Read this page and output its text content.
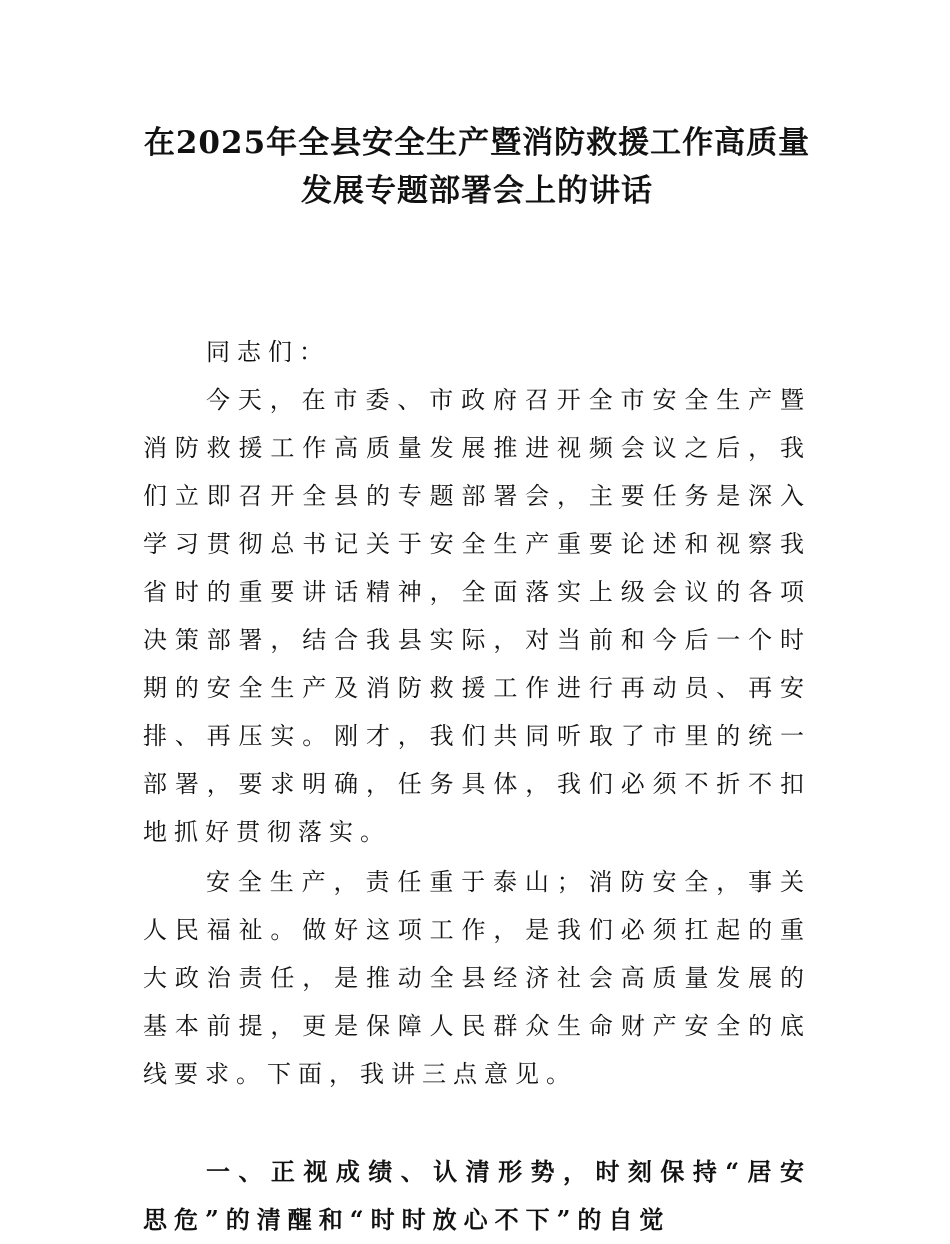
在2025年全县安全生产暨消防救援工作高质量发展专题部署会上的讲话

同志们：

今天，在市委、市政府召开全市安全生产暨消防救援工作高质量发展推进视频会议之后，我们立即召开全县的专题部署会，主要任务是深入学习贯彻总书记关于安全生产重要论述和视察我省时的重要讲话精神，全面落实上级会议的各项决策部署，结合我县实际，对当前和今后一个时期的安全生产及消防救援工作进行再动员、再安排、再压实。刚才，我们共同听取了市里的统一部署，要求明确，任务具体，我们必须不折不扣地抓好贯彻落实。

安全生产，责任重于泰山；消防安全，事关人民福祉。做好这项工作，是我们必须扛起的重大政治责任，是推动全县经济社会高质量发展的基本前提，更是保障人民群众生命财产安全的底线要求。下面，我讲三点意见。

一、正视成绩、认清形势，时刻保持“居安思危”的清醒和“时时放心不下”的自觉
